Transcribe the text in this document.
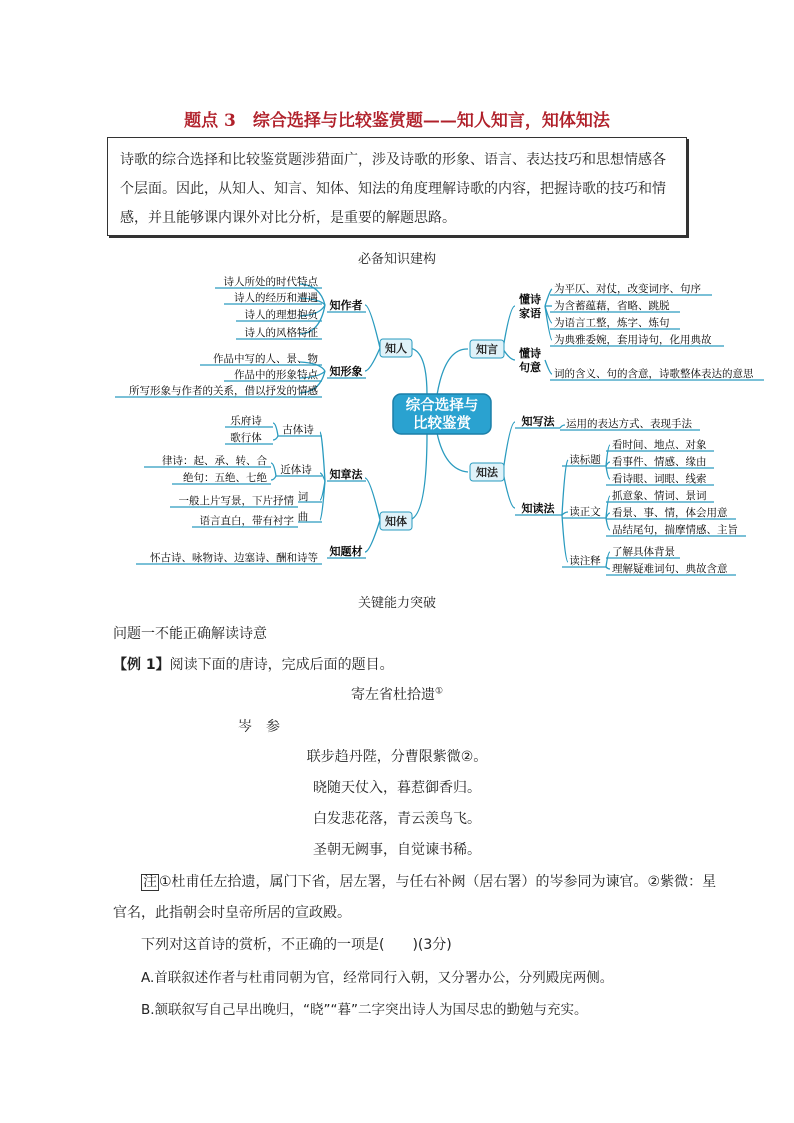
题点 3　综合选择与比较鉴赏题——知人知言，知体知法
诗歌的综合选择和比较鉴赏题涉猎面广，涉及诗歌的形象、语言、表达技巧和思想情感各个层面。因此，从知人、知言、知体、知法的角度理解诗歌的内容，把握诗歌的技巧和情感，并且能够课内课外对比分析，是重要的解题思路。
必备知识建构
综合选择与
比较鉴赏
知人	知言
知体
知法
知作者
诗人所处的时代特点
诗人的经历和遭遇
诗人的理想抱负
诗人的风格特征
知形象
作品中写的人、景、物
作品中的形象特点
所写形象与作者的关系，借以抒发的情感
懂诗
家语
为平仄、对仗，改变词序、句序
为含蓄蕴藉，省略、跳脱
为语言工整，炼字、炼句
为典雅委婉，套用诗句，化用典故
懂诗
句意 词的含义、句的含意，诗歌整体表达的意思
知写法 运用的表达方式、表现手法
知读法
读标题
读正文
读注释
看时间、地点、对象
看事件、情感、缘由
看诗眼、词眼、线索
抓意象、情词、景词
看景、事、情，体会用意
品结尾句，揣摩情感、主旨
了解具体背景
理解疑难词句、典故含意
知章法
古体诗
乐府诗
歌行体
近体诗
律诗：起、承、转、合
绝句：五绝、七绝
词
一般上片写景，下片抒情
曲
语言直白，带有衬字
知题材
怀古诗、咏物诗、边塞诗、酬和诗等
关键能力突破
问题一不能正确解读诗意
【例 1】阅读下面的唐诗，完成后面的题目。
寄左省杜拾遗①
岑　参
联步趋丹陛，分曹限紫微②。
晓随天仗入，暮惹御香归。
白发悲花落，青云羡鸟飞。
圣朝无阙事，自觉谏书稀。
注 ①杜甫任左拾遗，属门下省，居左署，与任右补阙（居右署）的岑参同为谏官。②紫微：星
官名，此指朝会时皇帝所居的宣政殿。
下列对这首诗的赏析，不正确的一项是(　　)(3分)
A.首联叙述作者与杜甫同朝为官，经常同行入朝，又分署办公，分列殿庑两侧。
B.颔联叙写自己早出晚归，“晓”“暮”二字突出诗人为国尽忠的勤勉与充实。
